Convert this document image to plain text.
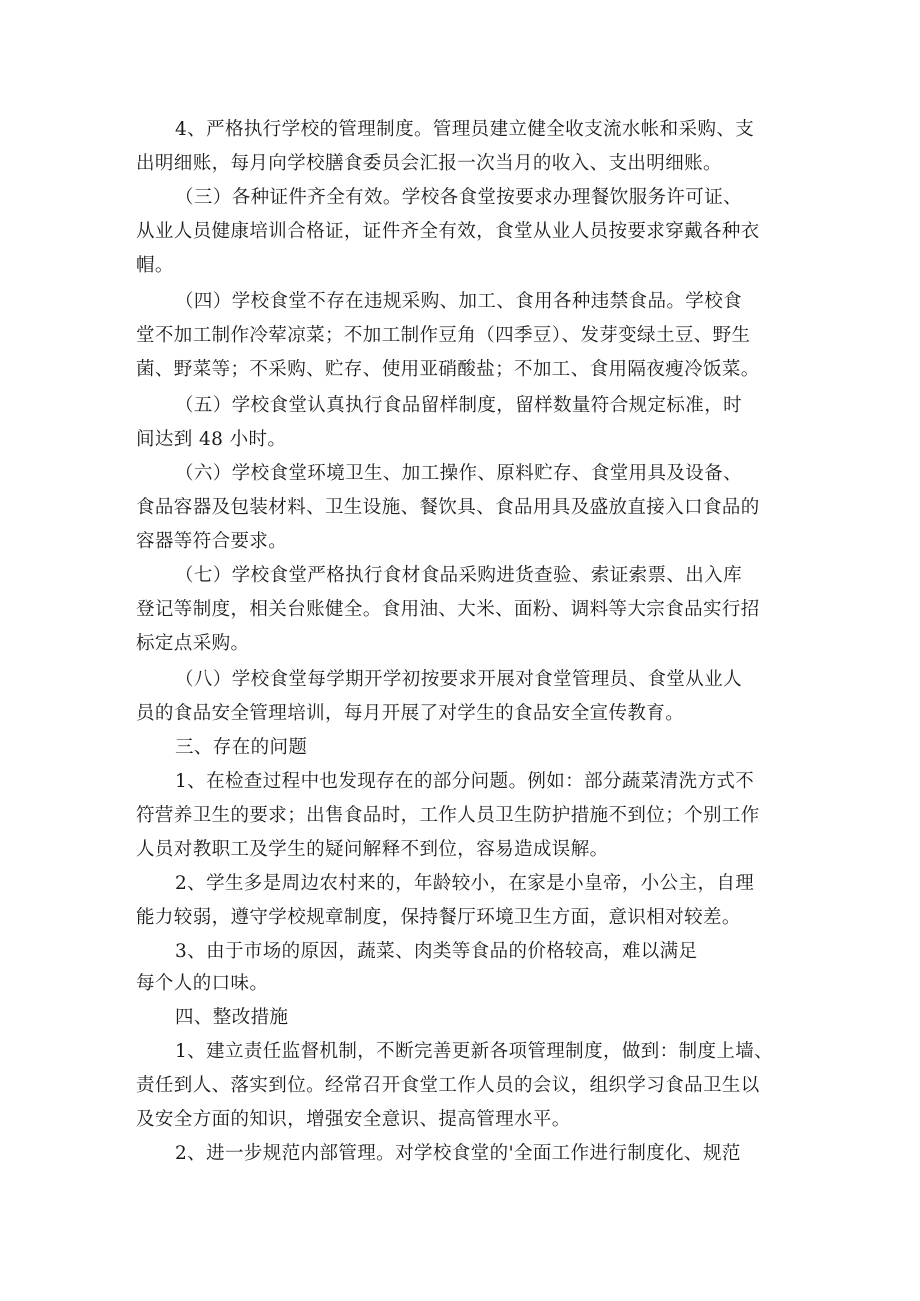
4、严格执行学校的管理制度。管理员建立健全收支流水帐和采购、支
出明细账，每月向学校膳食委员会汇报一次当月的收入、支出明细账。
（三）各种证件齐全有效。学校各食堂按要求办理餐饮服务许可证、
从业人员健康培训合格证，证件齐全有效，食堂从业人员按要求穿戴各种衣
帽。
（四）学校食堂不存在违规采购、加工、食用各种违禁食品。学校食
堂不加工制作冷荤凉菜；不加工制作豆角（四季豆）、发芽变绿土豆、野生
菌、野菜等；不采购、贮存、使用亚硝酸盐；不加工、食用隔夜瘦冷饭菜。
（五）学校食堂认真执行食品留样制度，留样数量符合规定标准，时
间达到 48 小时。
（六）学校食堂环境卫生、加工操作、原料贮存、食堂用具及设备、
食品容器及包装材料、卫生设施、餐饮具、食品用具及盛放直接入口食品的
容器等符合要求。
（七）学校食堂严格执行食材食品采购进货查验、索证索票、出入库
登记等制度，相关台账健全。食用油、大米、面粉、调料等大宗食品实行招
标定点采购。
（八）学校食堂每学期开学初按要求开展对食堂管理员、食堂从业人
员的食品安全管理培训，每月开展了对学生的食品安全宣传教育。
三、存在的问题
1、在检查过程中也发现存在的部分问题。例如：部分蔬菜清洗方式不
符营养卫生的要求；出售食品时，工作人员卫生防护措施不到位；个别工作
人员对教职工及学生的疑问解释不到位，容易造成误解。
2、学生多是周边农村来的，年龄较小，在家是小皇帝，小公主，自理
能力较弱，遵守学校规章制度，保持餐厅环境卫生方面，意识相对较差。
3、由于市场的原因，蔬菜、肉类等食品的价格较高，难以满足
每个人的口味。
四、整改措施
1、建立责任监督机制，不断完善更新各项管理制度，做到：制度上墙、
责任到人、落实到位。经常召开食堂工作人员的会议，组织学习食品卫生以
及安全方面的知识，增强安全意识、提高管理水平。
2、进一步规范内部管理。对学校食堂的'全面工作进行制度化、规范
